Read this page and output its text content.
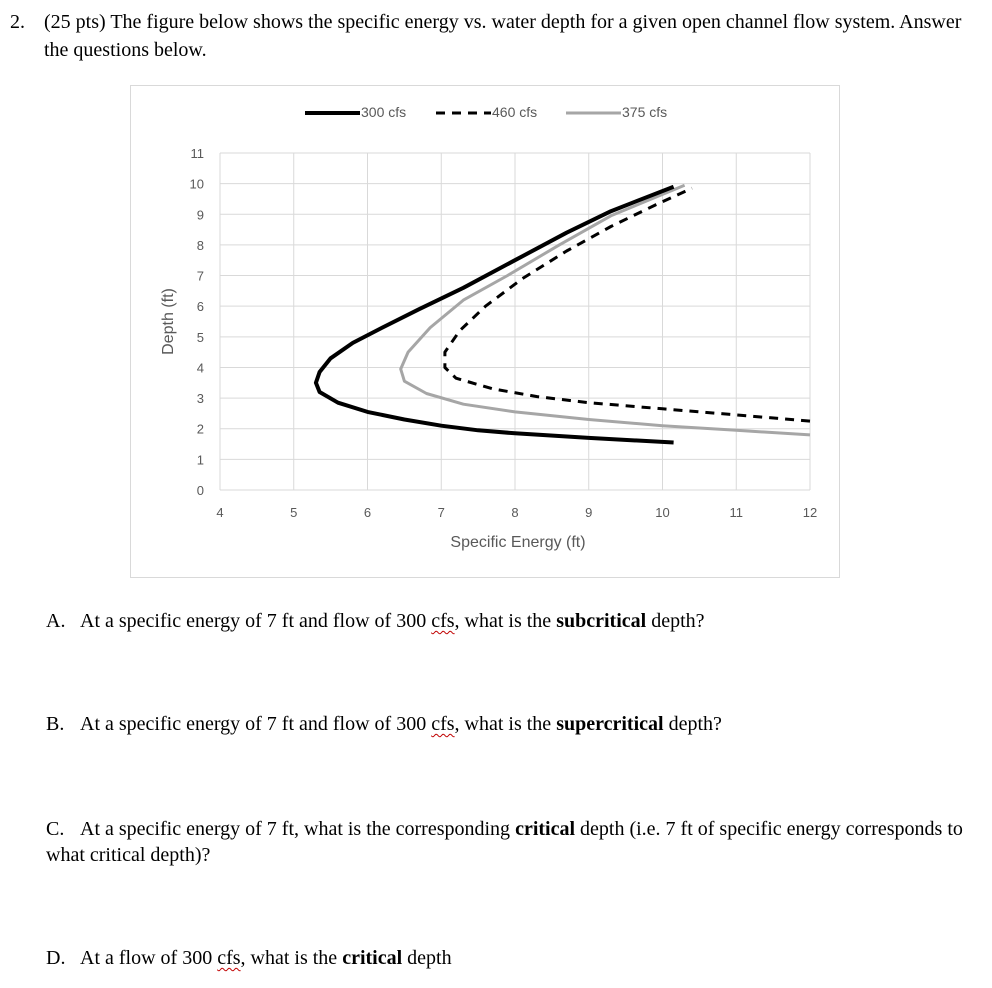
2. (25 pts) The figure below shows the specific energy vs. water depth for a given open channel flow system. Answer the questions below.
300 cfs	460 cfs	375 cfs
0
1
2
3
4
5
6
7
8
9
10
11
4	5	6	7	8	9	10	11	12
Specific Energy (ft)
Depth (ft)
A. At a specific energy of 7 ft and flow of 300 cfs, what is the subcritical depth?
B. At a specific energy of 7 ft and flow of 300 cfs, what is the supercritical depth?
C. At a specific energy of 7 ft, what is the corresponding critical depth (i.e. 7 ft of specific energy corresponds to what critical depth)?
D. At a flow of 300 cfs, what is the critical depth
